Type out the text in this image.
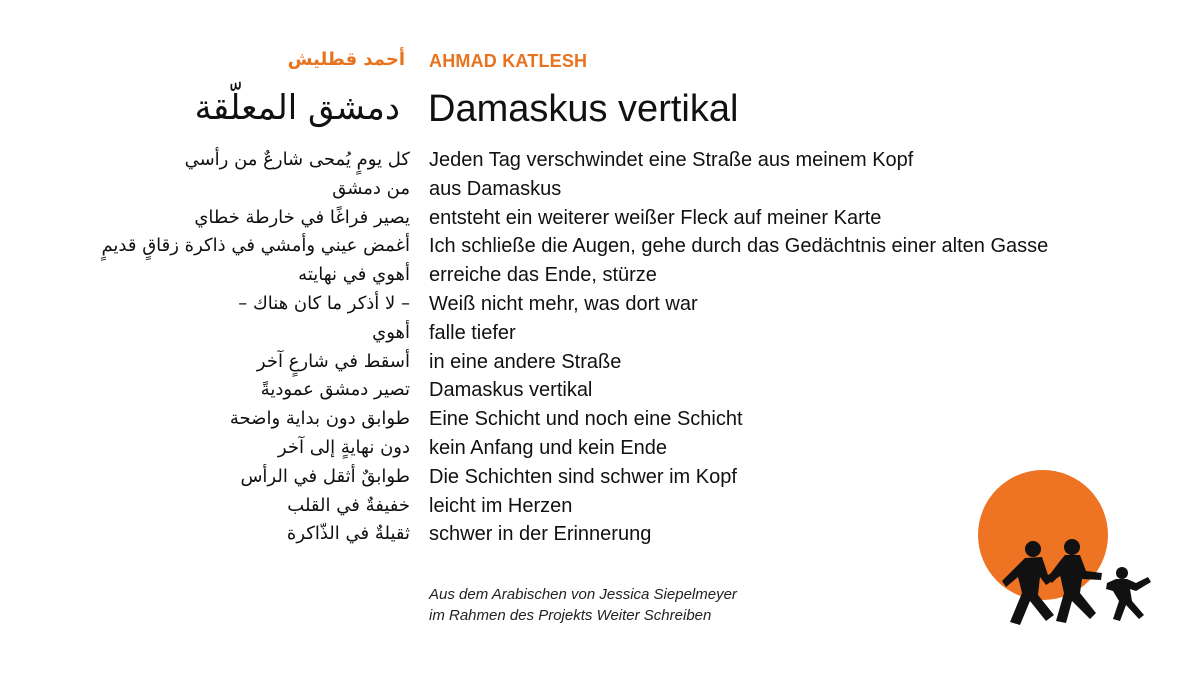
أحمد قطليش AHMAD KATLESH
دمشق المعلّقة Damaskus vertikal
كل يومٍ يُمحى شارعٌ من رأسي
من دمشق
يصير فراغًا في خارطة خطاي
أغمض عيني وأمشي في ذاكرة زقاقٍ قديمٍ
أهوي في نهايته
– لا أذكر ما كان هناك –
أهوي
أسقط في شارعٍ آخر
تصير دمشق عموديةً
طوابق دون بداية واضحة
دون نهايةٍ إلى آخر
طوابقٌ أثقل في الرأس
خفيفةٌ في القلب
ثقيلةٌ في الذّاكرة
Jeden Tag verschwindet eine Straße aus meinem Kopf
aus Damaskus
entsteht ein weiterer weißer Fleck auf meiner Karte
Ich schließe die Augen, gehe durch das Gedächtnis einer alten Gasse
erreiche das Ende, stürze
Weiß nicht mehr, was dort war
falle tiefer
in eine andere Straße
Damaskus vertikal
Eine Schicht und noch eine Schicht
kein Anfang und kein Ende
Die Schichten sind schwer im Kopf
leicht im Herzen
schwer in der Erinnerung
Aus dem Arabischen von Jessica Siepelmeyer
im Rahmen des Projekts Weiter Schreiben
